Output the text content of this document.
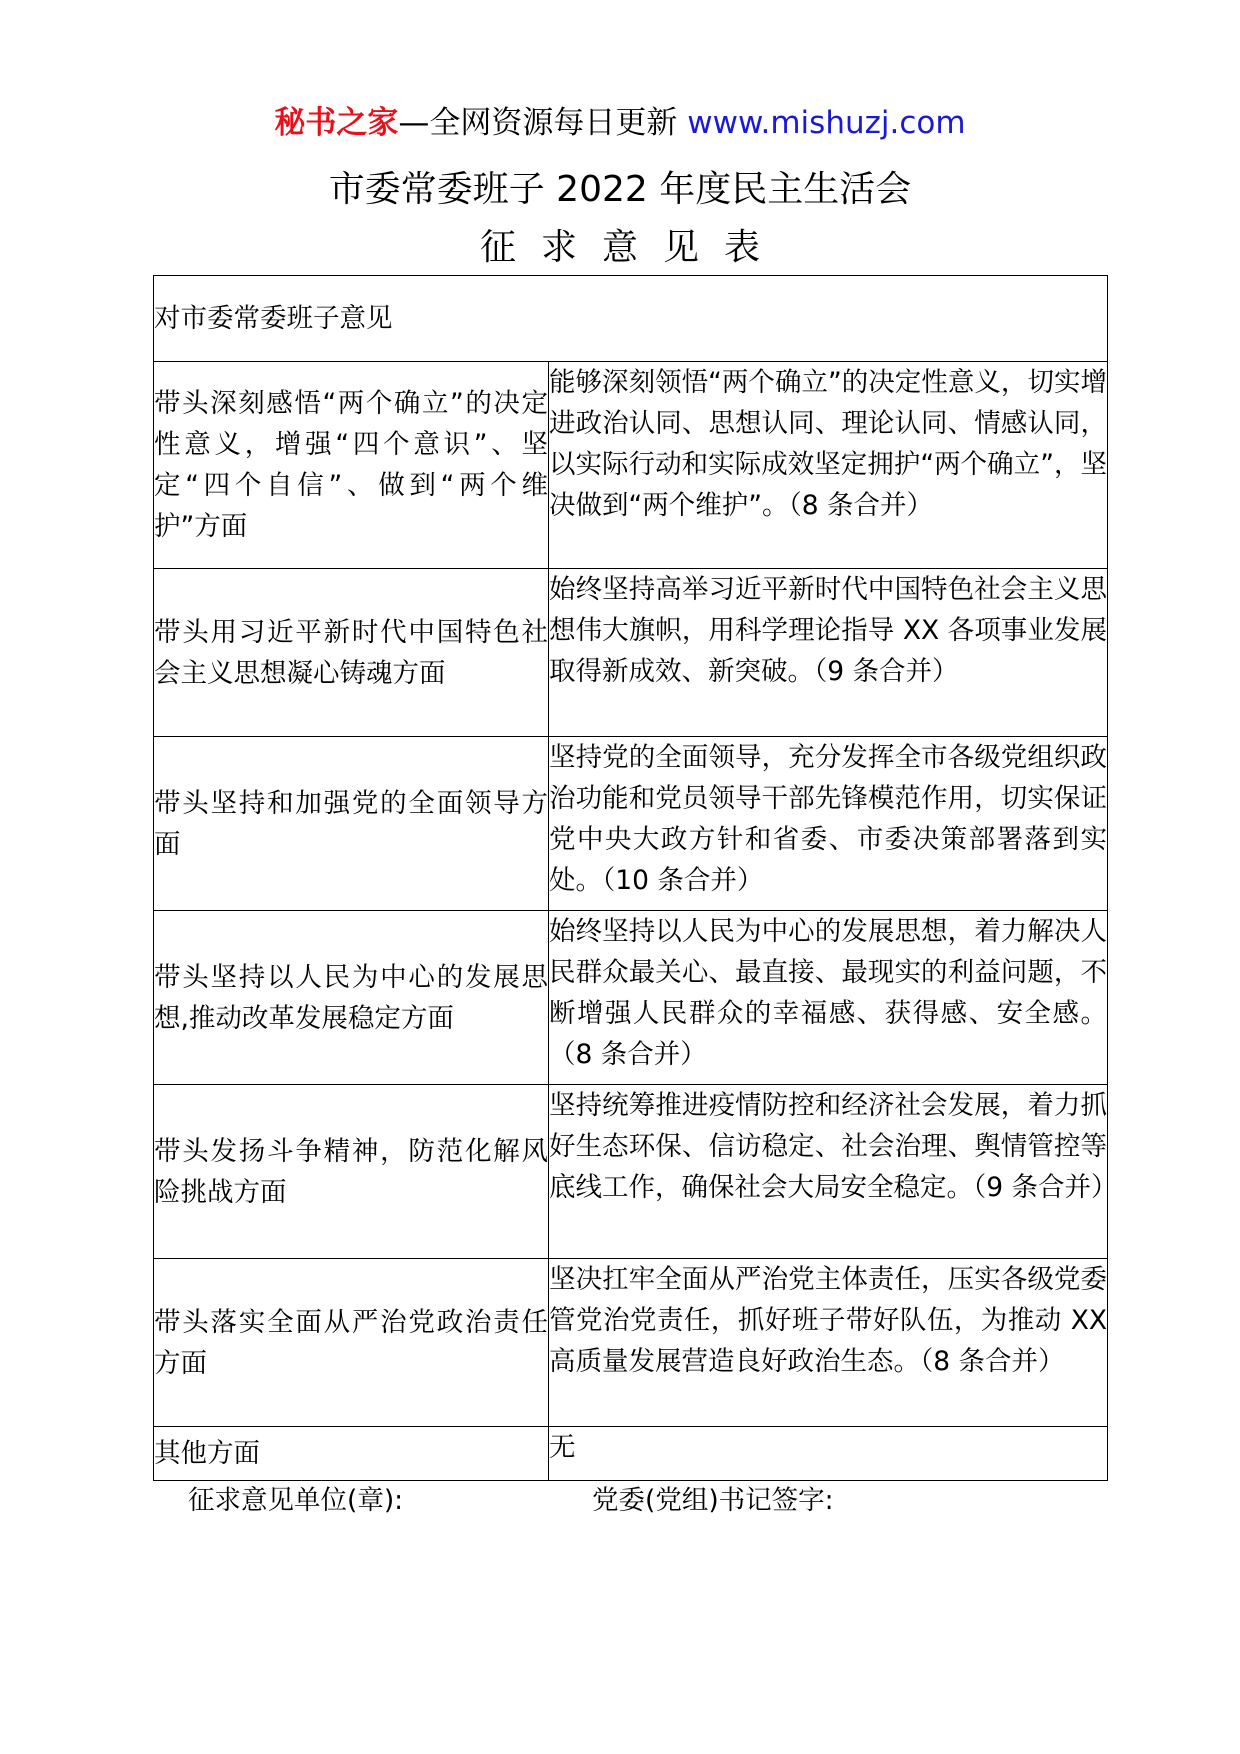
秘书之家—全网资源每日更新 www.mishuzj.com
市委常委班子 2022 年度民主生活会
征求意见表
对市委常委班子意见	
带头深刻感悟“两个确立”的决定性意义，增强“四个意识”、坚定“四个自信”、做到“两个维护”方面	能够深刻领悟“两个确立”的决定性意义，切实增进政治认同、思想认同、理论认同、情感认同，以实际行动和实际成效坚定拥护“两个确立”，坚决做到“两个维护”。（8 条合并）
带头用习近平新时代中国特色社会主义思想凝心铸魂方面	始终坚持高举习近平新时代中国特色社会主义思想伟大旗帜，用科学理论指导 XX 各项事业发展取得新成效、新突破。（9 条合并）
带头坚持和加强党的全面领导方面	坚持党的全面领导，充分发挥全市各级党组织政治功能和党员领导干部先锋模范作用，切实保证党中央大政方针和省委、市委决策部署落到实处。（10 条合并）
带头坚持以人民为中心的发展思想,推动改革发展稳定方面	始终坚持以人民为中心的发展思想，着力解决人民群众最关心、最直接、最现实的利益问题，不断增强人民群众的幸福感、获得感、安全感。（8 条合并）
带头发扬斗争精神，防范化解风险挑战方面	坚持统筹推进疫情防控和经济社会发展，着力抓好生态环保、信访稳定、社会治理、舆情管控等底线工作，确保社会大局安全稳定。（9 条合并）
带头落实全面从严治党政治责任方面	坚决扛牢全面从严治党主体责任，压实各级党委管党治党责任，抓好班子带好队伍，为推动 XX 高质量发展营造良好政治生态。（8 条合并）
其他方面	无
征求意见单位(章):	党委(党组)书记签字:
